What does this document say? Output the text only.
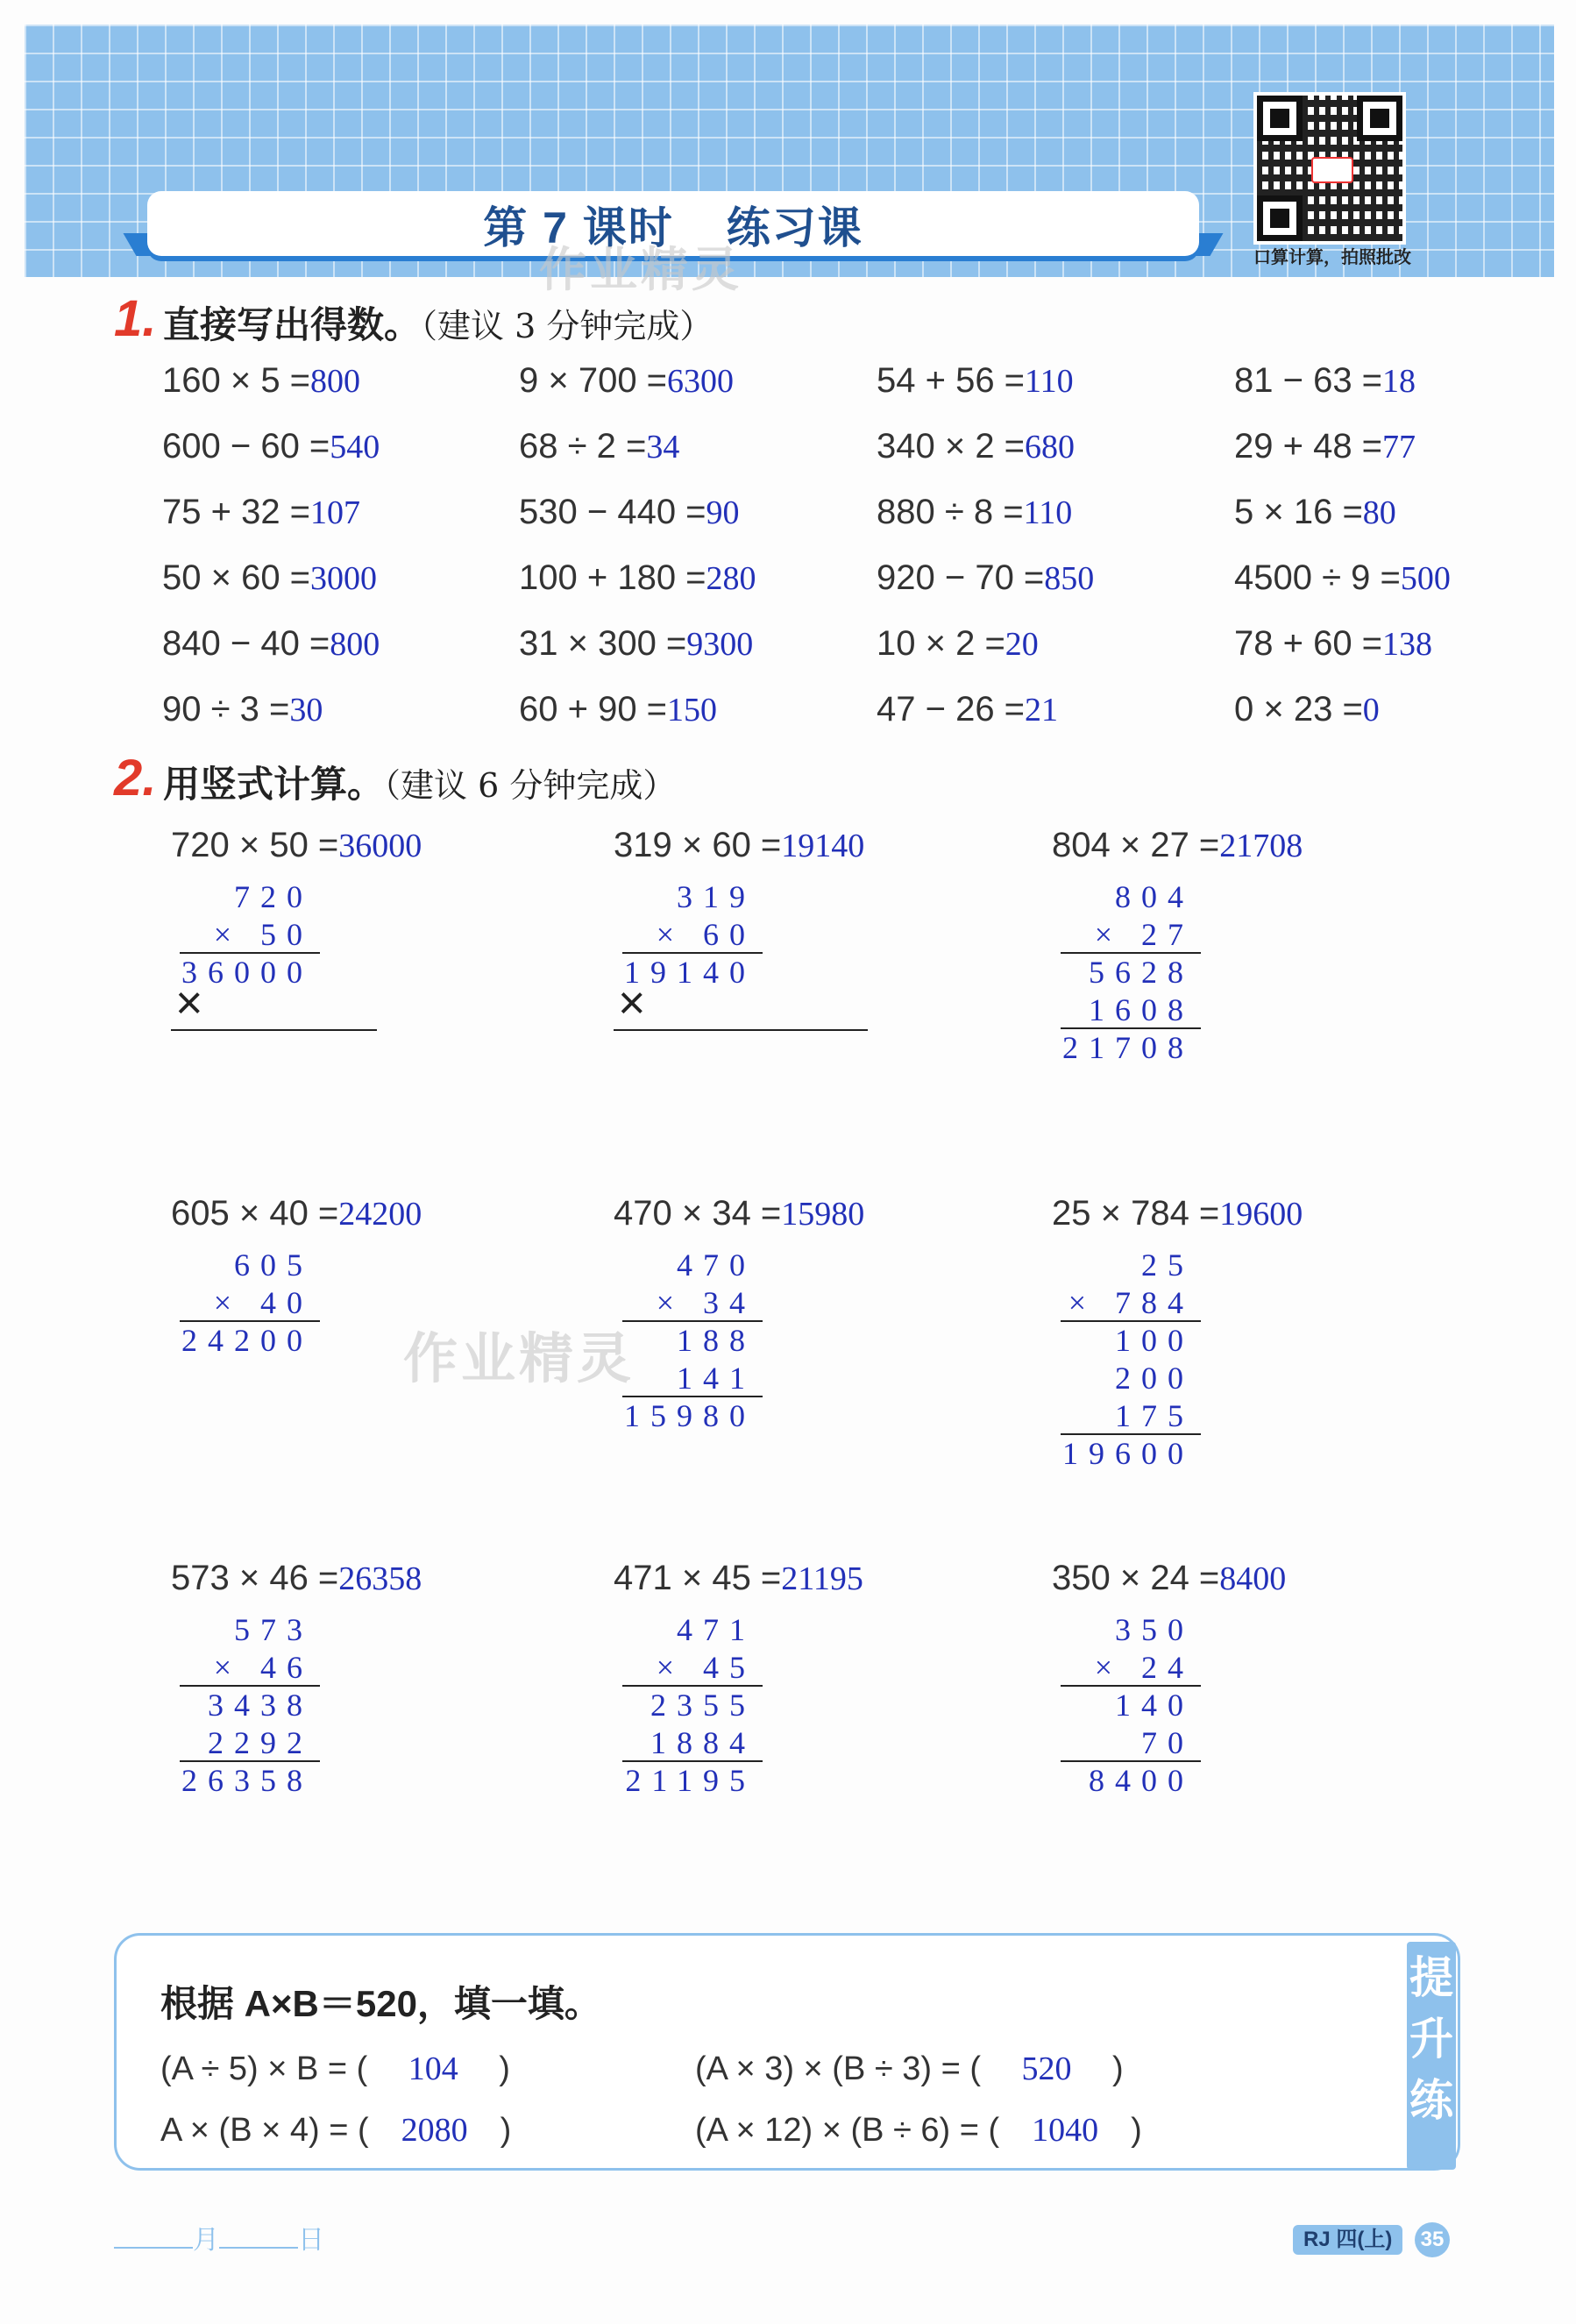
第 7 课时 练习课
口算计算，拍照批改
作业精灵
作业精灵
1. 直接写出得数。（建议 3 分钟完成）
160 × 5 =800	9 × 700 =6300	54 + 56 =110	81 − 63 =18
600 − 60 =540	68 ÷ 2 =34	340 × 2 =680	29 + 48 =77
75 + 32 =107	530 − 440 =90	880 ÷ 8 =110	5 × 16 =80
50 × 60 =3000	100 + 180 =280	920 − 70 =850	4500 ÷ 9 =500
840 − 40 =800	31 × 300 =9300	10 × 2 =20	78 + 60 =138
90 ÷ 3 =30	60 + 90 =150	47 − 26 =21	0 × 23 =0
2. 用竖式计算。（建议 6 分钟完成）
720 × 50 =36000
720
× 50
36000
×
319 × 60 =19140
319
× 60
19140
×
804 × 27 =21708
804
× 27
5628
1608
21708
605 × 40 =24200
605
× 40
24200
470 × 34 =15980
470
× 34
188
141
15980
25 × 784 =19600
25
× 784
100
200
175
19600
573 × 46 =26358
573
× 46
3438
2292
26358
471 × 45 =21195
471
× 45
2355
1884
21195
350 × 24 =8400
350
× 24
140
70
8400
根据 A×B＝520，填一填。
(A ÷ 5) × B = ( 104 )	(A × 3) × (B ÷ 3) = ( 520 )
A × (B × 4) = ( 2080 )	(A × 12) × (B ÷ 6) = ( 1040 )
提
升
练
月	日	RJ 四(上)	35
